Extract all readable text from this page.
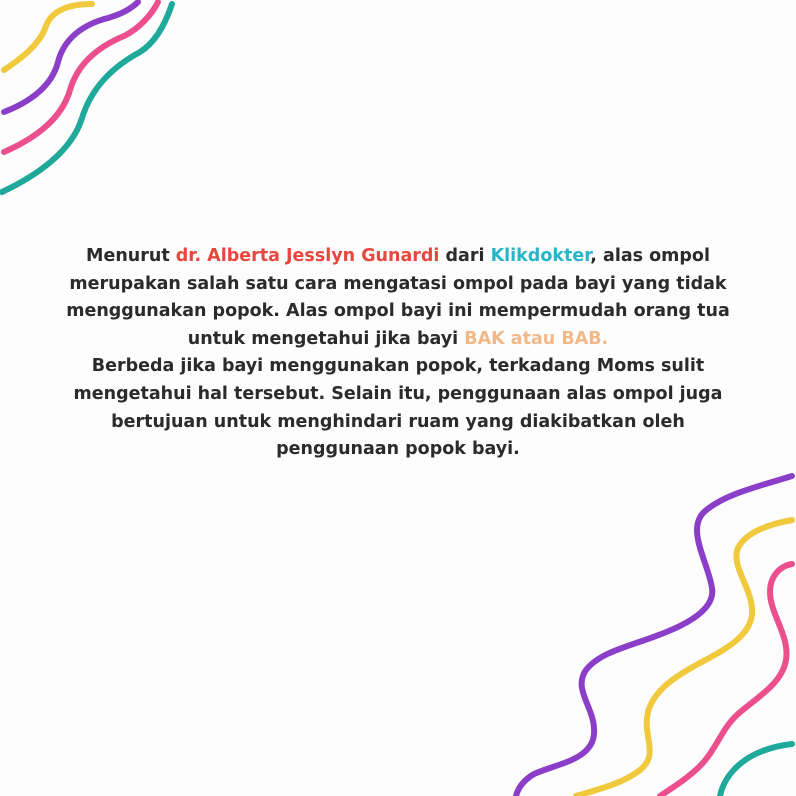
Menurut dr. Alberta Jesslyn Gunardi dari Klikdokter, alas ompol merupakan salah satu cara mengatasi ompol pada bayi yang tidak menggunakan popok. Alas ompol bayi ini mempermudah orang tua untuk mengetahui jika bayi BAK atau BAB.

Berbeda jika bayi menggunakan popok, terkadang Moms sulit mengetahui hal tersebut. Selain itu, penggunaan alas ompol juga bertujuan untuk menghindari ruam yang diakibatkan oleh penggunaan popok bayi.
